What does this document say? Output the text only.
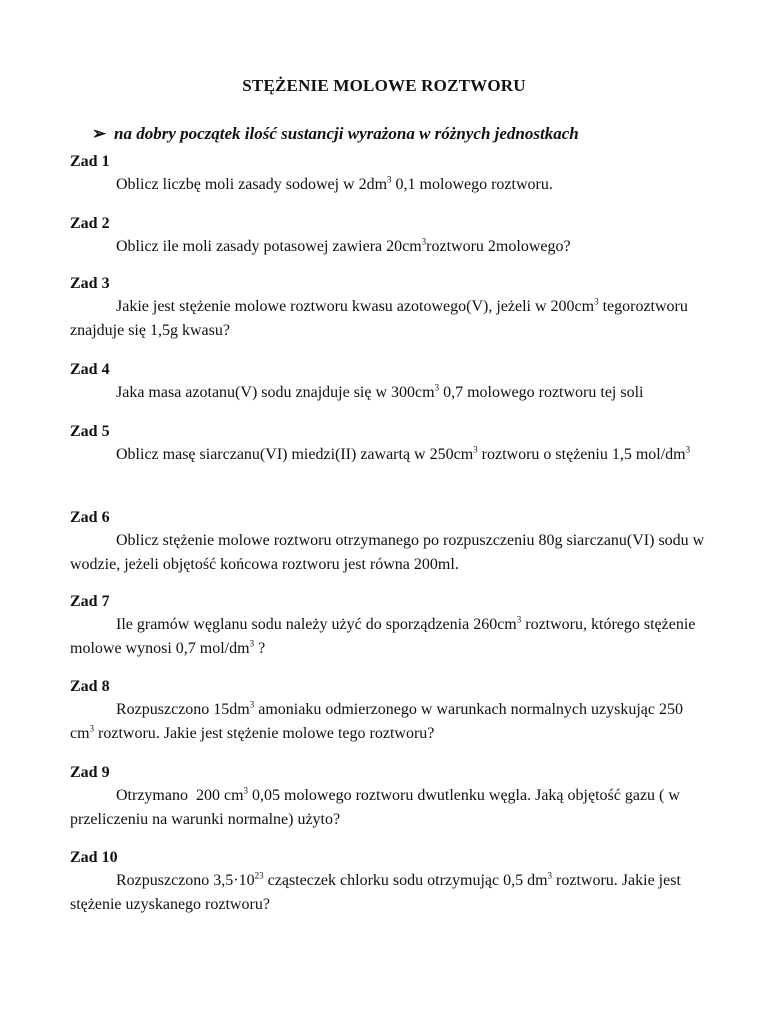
STĘŻENIE MOLOWE ROZTWORU
➢ na dobry początek ilość sustancji wyrażona w różnych jednostkach
Zad 1
Oblicz liczbę moli zasady sodowej w $2dm^3$ 0,1 molowego roztworu.
Zad 2
Oblicz ile moli zasady potasowej zawiera $20cm^3roztworu$ 2molowego?
Zad 3
Jakie jest stężenie molowe roztworu kwasu azotowego(V), jeżeli w $200cm^3$ tegoroztworu znajduje się 1,5g kwasu?
Zad 4
Jaka masa azotanu(V) sodu znajduje się w $300cm^3$ 0,7 molowego roztworu tej soli
Zad 5
Oblicz masę siarczanu(VI) miedzi(II) zawartą w $250cm^3$ roztworu o stężeniu 1,5 mol/$dm^3$
Zad 6
Oblicz stężenie molowe roztworu otrzymanego po rozpuszczeniu 80g siarczanu(VI) sodu w wodzie, jeżeli objętość końcowa roztworu jest równa 200ml.
Zad 7
Ile gramów węglanu sodu należy użyć do sporządzenia $260cm^3$ roztworu, którego stężenie molowe wynosi 0,7 mol/$dm^3$ ?
Zad 8
Rozpuszczono $15dm^3$ amoniaku odmierzonego w warunkach normalnych uzyskując 250 $cm^3$ roztworu. Jakie jest stężenie molowe tego roztworu?
Zad 9
Otrzymano  200 $cm^3$ 0,05 molowego roztworu dwutlenku węgla. Jaką objętość gazu ( w przeliczeniu na warunki normalne) użyto?
Zad 10
Rozpuszczono $3,5\cdot 10^{23}$ cząsteczek chlorku sodu otrzymując 0,5 $dm^3$ roztworu. Jakie jest stężenie uzyskanego roztworu?
